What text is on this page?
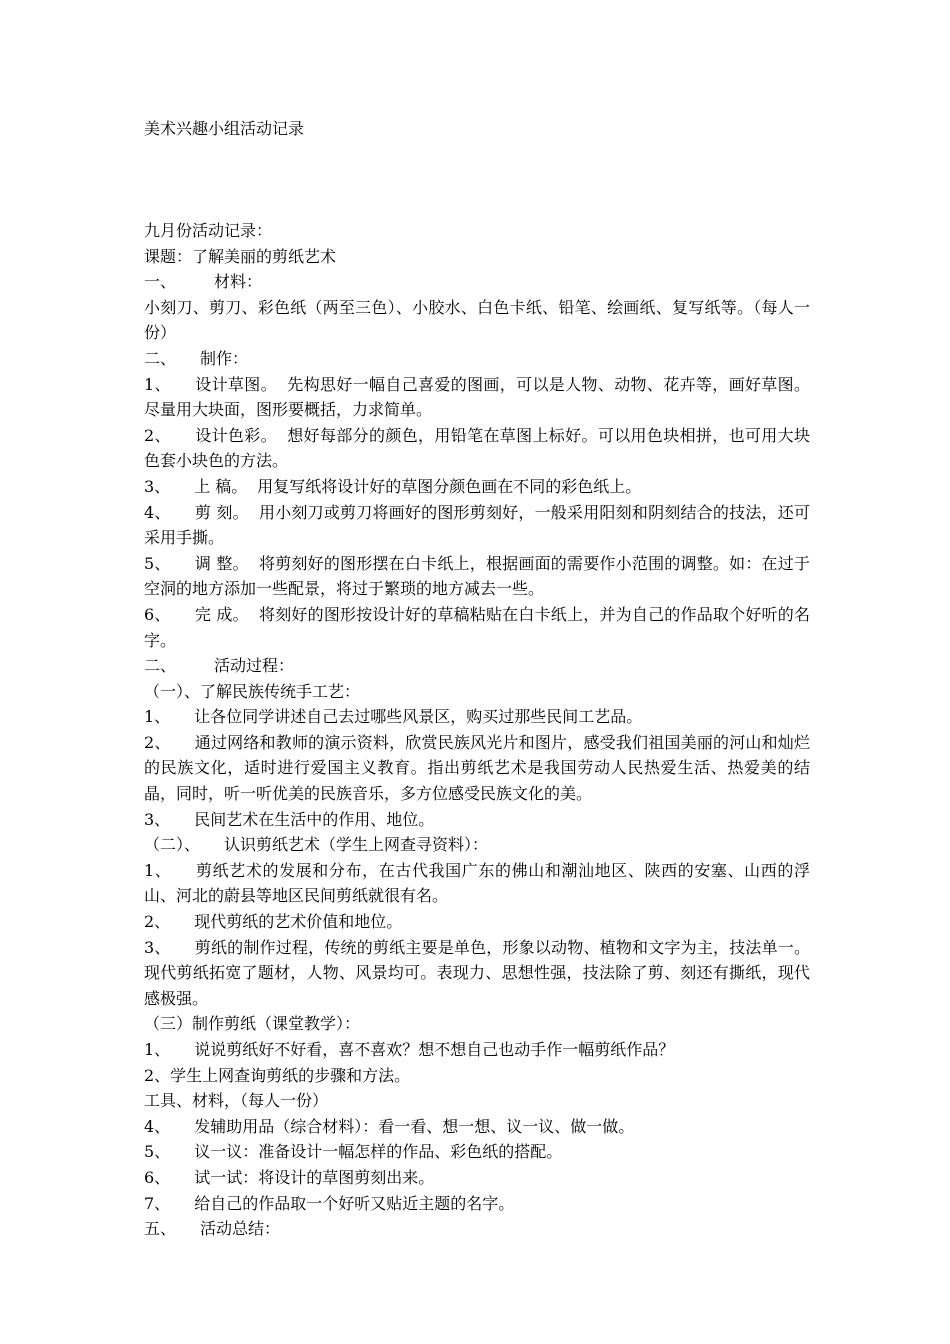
美术兴趣小组活动记录

九月份活动记录：

课题：了解美丽的剪纸艺术

一、 材料：

小刻刀、剪刀、彩色纸（两至三色）、小胶水、白色卡纸、铅笔、绘画纸、复写纸等。（每人一份）

二、 制作：

1、 设计草图。 先构思好一幅自己喜爱的图画，可以是人物、动物、花卉等，画好草图。尽量用大块面，图形要概括，力求简单。

2、 设计色彩。 想好每部分的颜色，用铅笔在草图上标好。可以用色块相拼，也可用大块色套小块色的方法。

3、 上 稿。 用复写纸将设计好的草图分颜色画在不同的彩色纸上。

4、 剪 刻。 用小刻刀或剪刀将画好的图形剪刻好，一般采用阳刻和阴刻结合的技法，还可采用手撕。

5、 调 整。 将剪刻好的图形摆在白卡纸上，根据画面的需要作小范围的调整。如：在过于空洞的地方添加一些配景，将过于繁琐的地方减去一些。

6、 完 成。 将刻好的图形按设计好的草稿粘贴在白卡纸上，并为自己的作品取个好听的名字。

二、 活动过程：

（一）、了解民族传统手工艺：

1、 让各位同学讲述自己去过哪些风景区，购买过那些民间工艺品。

2、 通过网络和教师的演示资料，欣赏民族风光片和图片，感受我们祖国美丽的河山和灿烂的民族文化，适时进行爱国主义教育。指出剪纸艺术是我国劳动人民热爱生活、热爱美的结晶，同时，听一听优美的民族音乐，多方位感受民族文化的美。

3、 民间艺术在生活中的作用、地位。

（二）、 认识剪纸艺术（学生上网查寻资料）：

1、 剪纸艺术的发展和分布，在古代我国广东的佛山和潮汕地区、陕西的安塞、山西的浮山、河北的蔚县等地区民间剪纸就很有名。

2、 现代剪纸的艺术价值和地位。

3、 剪纸的制作过程，传统的剪纸主要是单色，形象以动物、植物和文字为主，技法单一。现代剪纸拓宽了题材，人物、风景均可。表现力、思想性强，技法除了剪、刻还有撕纸，现代感极强。

（三）制作剪纸（课堂教学）：

1、 说说剪纸好不好看，喜不喜欢？想不想自己也动手作一幅剪纸作品？

2、学生上网查询剪纸的步骤和方法。

工具、材料，（每人一份）

4、 发辅助用品（综合材料）：看一看、想一想、议一议、做一做。

5、 议一议：准备设计一幅怎样的作品、彩色纸的搭配。

6、 试一试：将设计的草图剪刻出来。

7、 给自己的作品取一个好听又贴近主题的名字。

五、 活动总结：
